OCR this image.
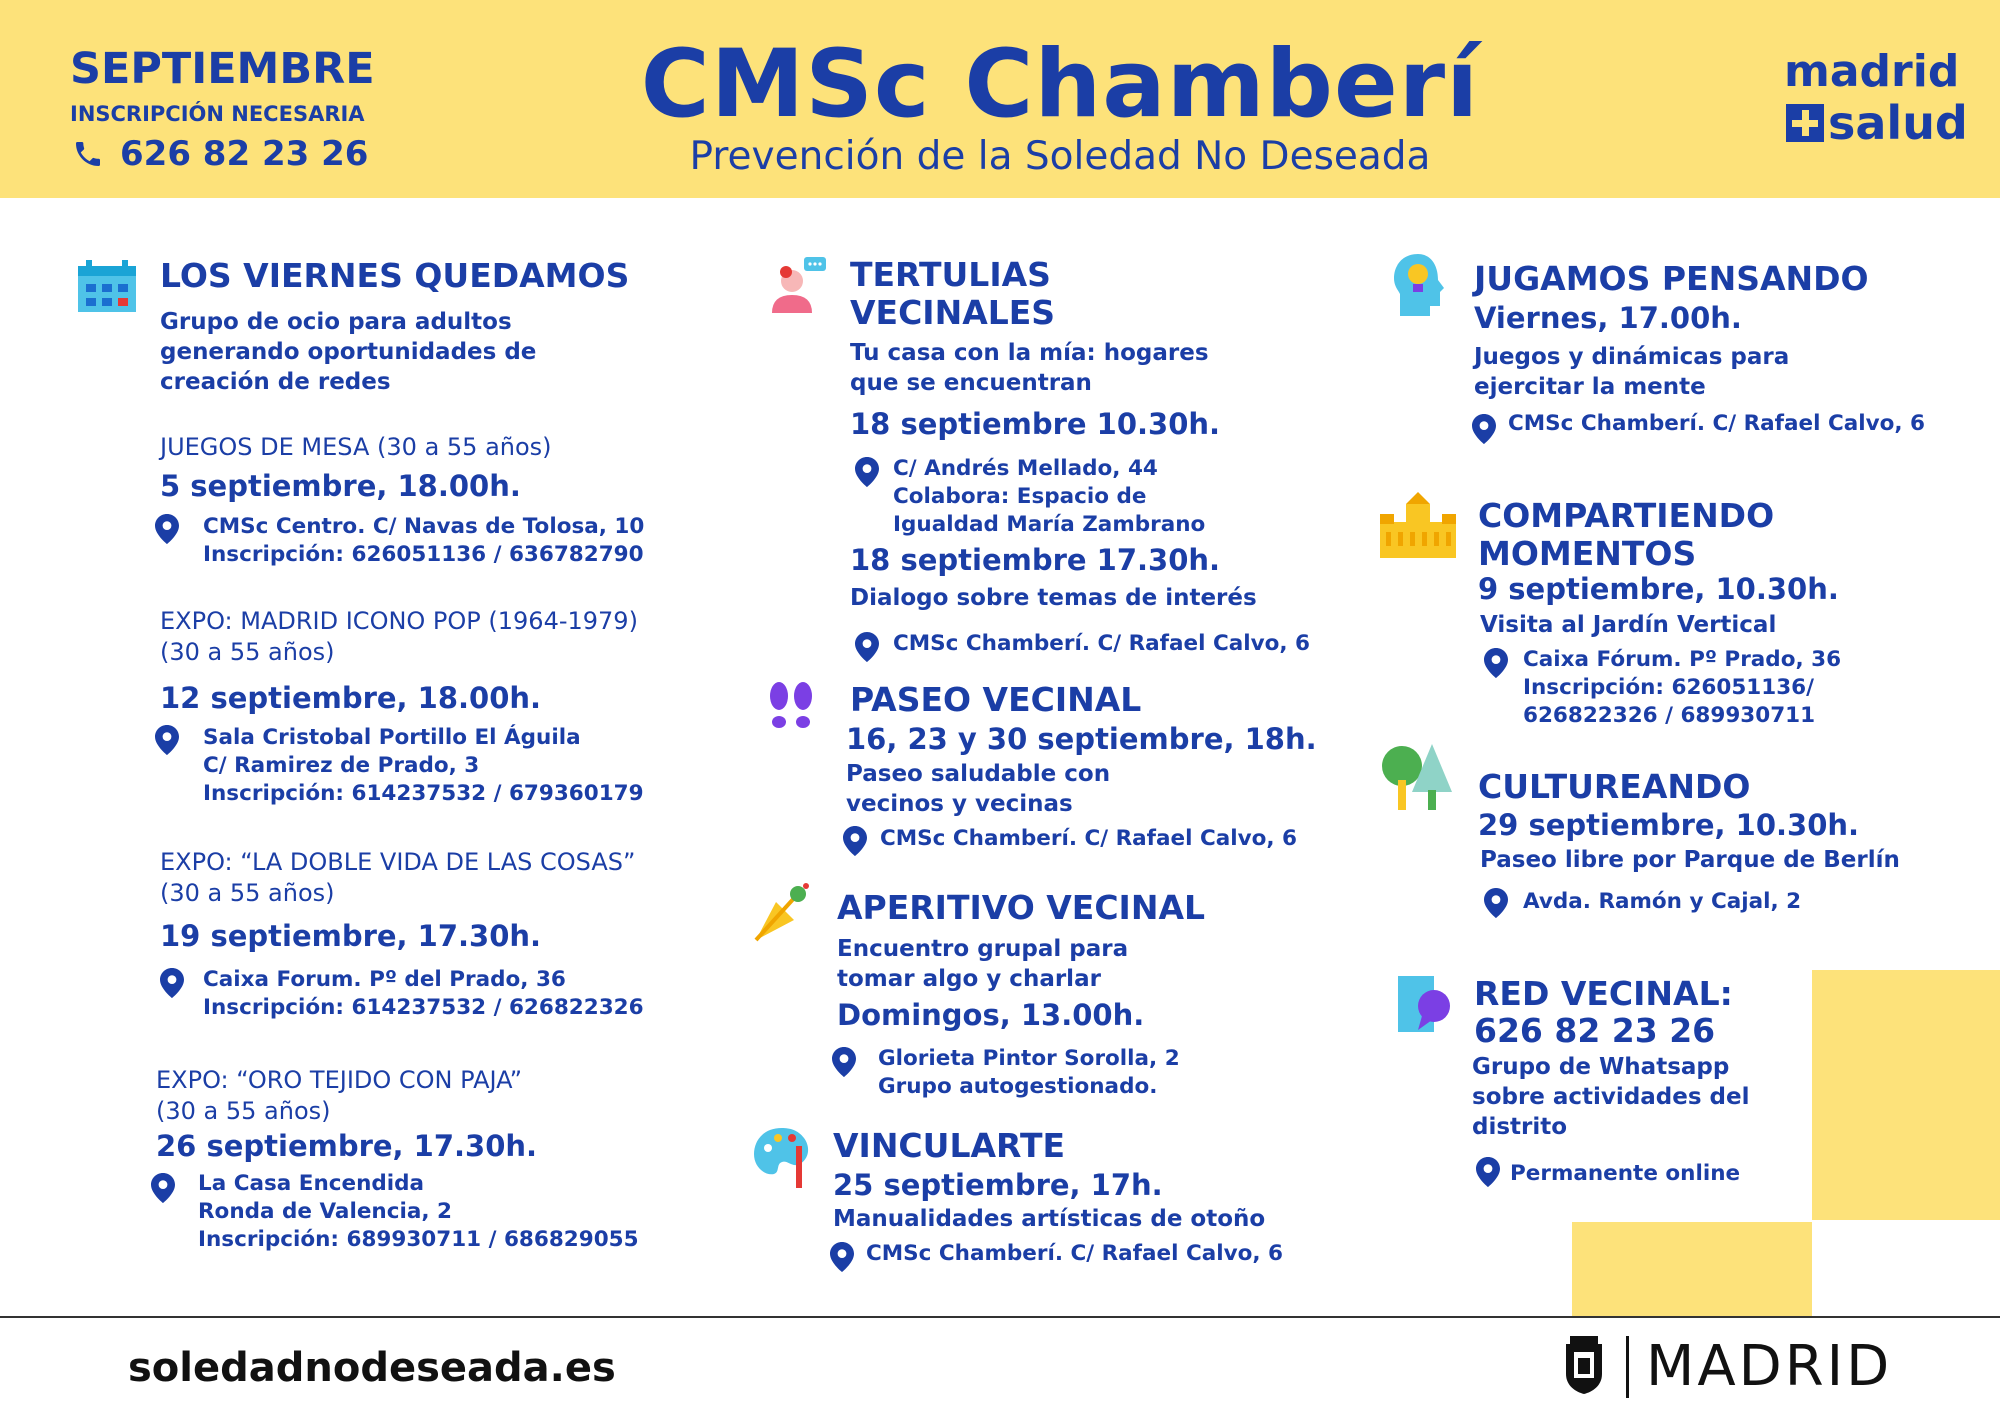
SEPTIEMBRE
INSCRIPCIÓN NECESARIA
626 82 23 26
CMSc Chamberí
Prevención de la Soledad No Deseada
madrid
salud
LOS VIERNES QUEDAMOS
Grupo de ocio para adultos
generando oportunidades de
creación de redes
JUEGOS DE MESA (30 a 55 años)
5 septiembre, 18.00h.
CMSc Centro. C/ Navas de Tolosa, 10
Inscripción: 626051136 / 636782790
EXPO: MADRID ICONO POP (1964-1979)
(30 a 55 años)
12 septiembre, 18.00h.
Sala Cristobal Portillo El Águila
C/ Ramirez de Prado, 3
Inscripción: 614237532 / 679360179
EXPO: “LA DOBLE VIDA DE LAS COSAS”
(30 a 55 años)
19 septiembre, 17.30h.
Caixa Forum. Pº del Prado, 36
Inscripción: 614237532 / 626822326
EXPO: “ORO TEJIDO CON PAJA”
(30 a 55 años)
26 septiembre, 17.30h.
La Casa Encendida
Ronda de Valencia, 2
Inscripción: 689930711 / 686829055
TERTULIAS
VECINALES
Tu casa con la mía: hogares
que se encuentran
18 septiembre 10.30h.
C/ Andrés Mellado, 44
Colabora: Espacio de
Igualdad María Zambrano
18 septiembre 17.30h.
Dialogo sobre temas de interés
CMSc Chamberí. C/ Rafael Calvo, 6
PASEO VECINAL
16, 23 y 30 septiembre, 18h.
Paseo saludable con
vecinos y vecinas
CMSc Chamberí. C/ Rafael Calvo, 6
APERITIVO VECINAL
Encuentro grupal para
tomar algo y charlar
Domingos, 13.00h.
Glorieta Pintor Sorolla, 2
Grupo autogestionado.
VINCULARTE
25 septiembre, 17h.
Manualidades artísticas de otoño
CMSc Chamberí. C/ Rafael Calvo, 6
JUGAMOS PENSANDO
Viernes, 17.00h.
Juegos y dinámicas para
ejercitar la mente
CMSc Chamberí. C/ Rafael Calvo, 6
COMPARTIENDO
MOMENTOS
9 septiembre, 10.30h.
Visita al Jardín Vertical
Caixa Fórum. Pº Prado, 36
Inscripción: 626051136/
626822326 / 689930711
CULTUREANDO
29 septiembre, 10.30h.
Paseo libre por Parque de Berlín
Avda. Ramón y Cajal, 2
RED VECINAL:
626 82 23 26
Grupo de Whatsapp
sobre actividades del
distrito
Permanente online
soledadnodeseada.es	MADRID
